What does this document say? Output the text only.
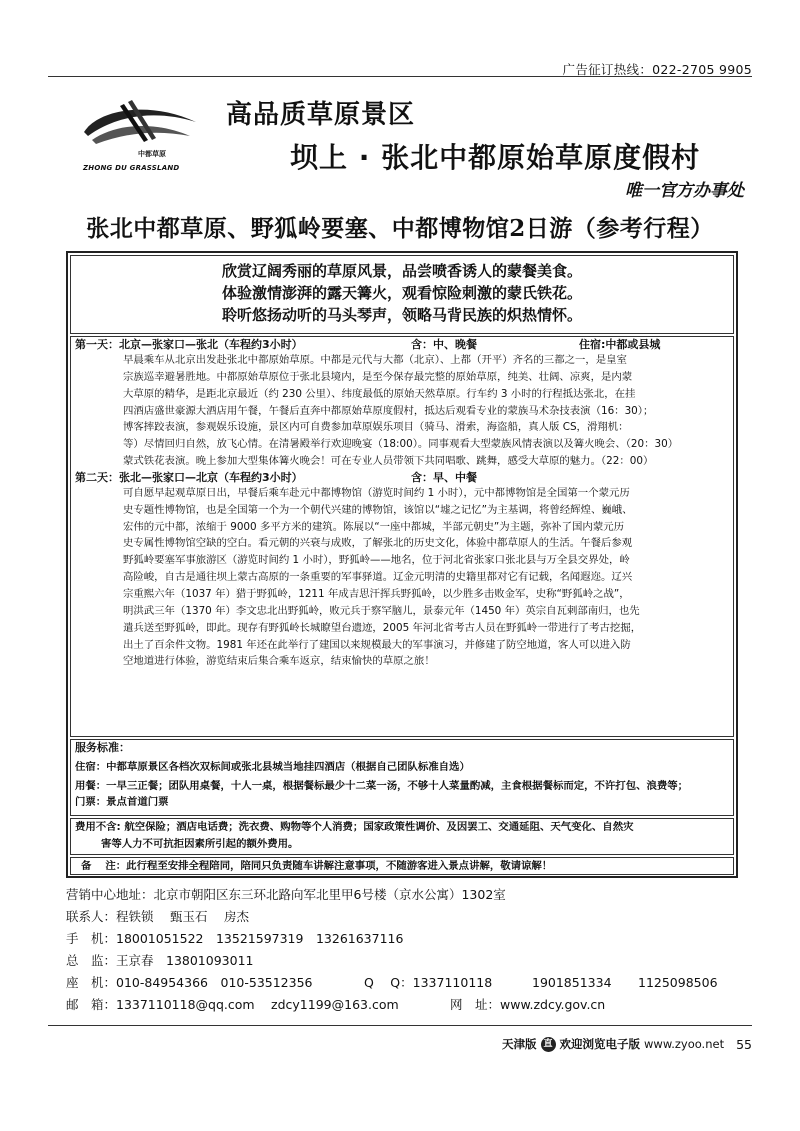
广告征订热线：022-2705 9905
中都草原
ZHONG DU GRASSLAND
高品质草原景区
坝上 · 张北中都原始草原度假村
唯一官方办事处
张北中都草原、野狐岭要塞、中都博物馆2日游（参考行程）
欣赏辽阔秀丽的草原风景，品尝喷香诱人的蒙餐美食。
体验激情澎湃的露天篝火，观看惊险刺激的蒙氏铁花。
聆听悠扬动听的马头琴声，领略马背民族的炽热情怀。
第一天：北京—张家口—张北（车程约3小时）	含：中、晚餐	住宿:中都或县城
早晨乘车从北京出发赴张北中都原始草原。中都是元代与大都（北京）、上都（开平）齐名的三都之一，是皇室
宗族巡幸避暑胜地。中都原始草原位于张北县境内，是至今保存最完整的原始草原，纯美、壮阔、凉爽，是内蒙
大草原的精华，是距北京最近（约 230 公里）、纬度最低的原始天然草原。行车约 3 小时的行程抵达张北，在挂
四酒店盛世豪源大酒店用午餐，午餐后直奔中都原始草原度假村，抵达后观看专业的蒙族马术杂技表演（16：30）；
博客摔跤表演，参观娱乐设施，景区内可自费参加草原娱乐项目（骑马、滑索，海盗船，真人版 CS，滑翔机：
等）尽情回归自然，放飞心情。在清暑殿举行欢迎晚宴（18:00）。同事观看大型蒙族风情表演以及篝火晚会、（20：30）
蒙式铁花表演。晚上参加大型集体篝火晚会！可在专业人员带领下共同唱歌、跳舞，感受大草原的魅力。（22：00）
第二天：张北—张家口—北京（车程约3小时）	含：早、中餐
可自愿早起观草原日出，早餐后乘车赴元中都博物馆（游览时间约 1 小时），元中都博物馆是全国第一个蒙元历
史专题性博物馆，也是全国第一个为一个朝代兴建的博物馆，该馆以“墟之记忆”为主基调，将曾经辉煌、巍峨、
宏伟的元中都，浓缩于 9000 多平方米的建筑。陈展以“一座中都城，半部元朝史”为主题，弥补了国内蒙元历
史专属性博物馆空缺的空白。看元朝的兴衰与成败，了解张北的历史文化，体验中都草原人的生活。午餐后参观
野狐岭要塞军事旅游区（游览时间约 1 小时），野狐岭——地名，位于河北省张家口张北县与万全县交界处，岭
高险峻，自古是通往坝上蒙古高原的一条重要的军事驿道。辽金元明清的史籍里都对它有记载，名闻遐迩。辽兴
宗重熙六年（1037 年）猎于野狐岭，1211 年成吉思汗挥兵野狐岭，以少胜多击败金军，史称“野狐岭之战”，
明洪武三年（1370 年）李文忠北出野狐岭，败元兵于察罕脑儿，景泰元年（1450 年）英宗自瓦剌部南归，也先
遣兵送至野狐岭，即此。现存有野狐岭长城瞭望台遗迹，2005 年河北省考古人员在野狐岭一带进行了考古挖掘，
出土了百余件文物。1981 年还在此举行了建国以来规模最大的军事演习，并修建了防空地道，客人可以进入防
空地道进行体验，游览结束后集合乘车返京，结束愉快的草原之旅！
服务标准：
住宿：中都草原景区各档次双标间或张北县城当地挂四酒店（根据自己团队标准自选）
用餐：一早三正餐；团队用桌餐，十人一桌，根据餐标最少十二菜一汤，不够十人菜量酌减，主食根据餐标而定，不许打包、浪费等；
门票：景点首道门票
费用不含: 航空保险；酒店电话费；洗衣费、购物等个人消费；国家政策性调价、及因罢工、交通延阻、天气变化、自然灾
害等人力不可抗拒因素所引起的额外费用。
备　 注：此行程至安排全程陪同，陪同只负责随车讲解注意事项，不随游客进入景点讲解，敬请谅解！
营销中心地址：北京市朝阳区东三环北路向军北里甲6号楼（京水公寓）1302室
联系人：程铁锁　 甄玉石　 房杰
手　机：18001051522　13521597319　13261637116
总　监：王京春　13801093011
座　机：010-84954366　010-53512356	Q　 Q：1337110118	1901851334 1125098506
邮　箱：1337110118@qq.com　 zdcy1199@163.com	网　址：www.zdcy.gov.cn
天津版 直 欢迎浏览电子版 www.zyoo.net 55
